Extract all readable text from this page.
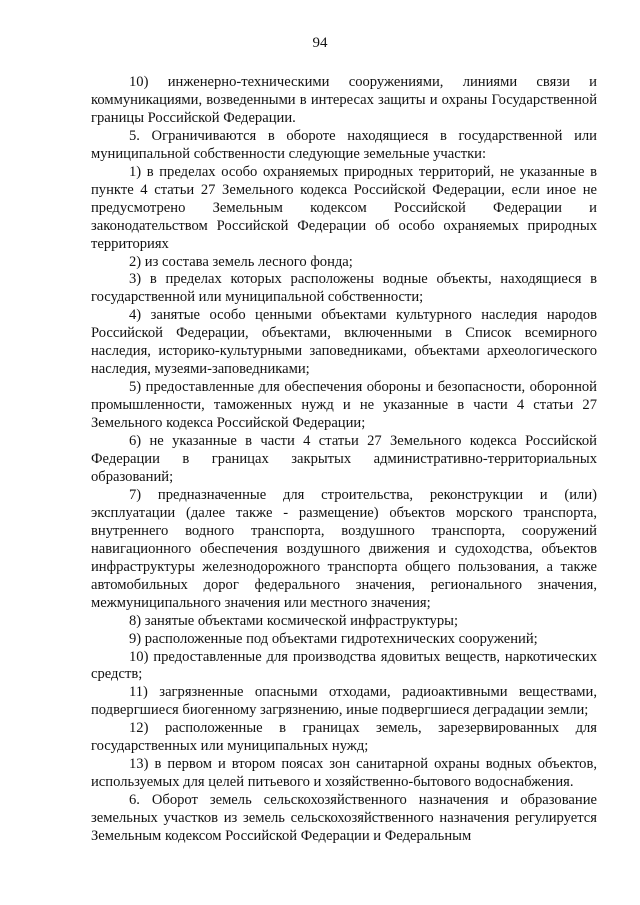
94

10) инженерно-техническими сооружениями, линиями связи и коммуникациями, возведенными в интересах защиты и охраны Государственной границы Российской Федерации.

5. Ограничиваются в обороте находящиеся в государственной или муниципальной собственности следующие земельные участки:

1) в пределах особо охраняемых природных территорий, не указанные в пункте 4 статьи 27 Земельного кодекса Российской Федерации, если иное не предусмотрено Земельным кодексом Российской Федерации и законодательством Российской Федерации об особо охраняемых природных территориях

2) из состава земель лесного фонда;

3) в пределах которых расположены водные объекты, находящиеся в государственной или муниципальной собственности;

4) занятые особо ценными объектами культурного наследия народов Российской Федерации, объектами, включенными в Список всемирного наследия, историко-культурными заповедниками, объектами археологического наследия, музеями-заповедниками;

5) предоставленные для обеспечения обороны и безопасности, оборонной промышленности, таможенных нужд и не указанные в части 4 статьи 27 Земельного кодекса Российской Федерации;

6) не указанные в части 4 статьи 27 Земельного кодекса Российской Федерации в границах закрытых административно-территориальных образований;

7) предназначенные для строительства, реконструкции и (или) эксплуатации (далее также - размещение) объектов морского транспорта, внутреннего водного транспорта, воздушного транспорта, сооружений навигационного обеспечения воздушного движения и судоходства, объектов инфраструктуры железнодорожного транспорта общего пользования, а также автомобильных дорог федерального значения, регионального значения, межмуниципального значения или местного значения;

8) занятые объектами космической инфраструктуры;

9) расположенные под объектами гидротехнических сооружений;

10) предоставленные для производства ядовитых веществ, наркотических средств;

11) загрязненные опасными отходами, радиоактивными веществами, подвергшиеся биогенному загрязнению, иные подвергшиеся деградации земли;

12) расположенные в границах земель, зарезервированных для государственных или муниципальных нужд;

13) в первом и втором поясах зон санитарной охраны водных объектов, используемых для целей питьевого и хозяйственно-бытового водоснабжения.

6. Оборот земель сельскохозяйственного назначения и образование земельных участков из земель сельскохозяйственного назначения регулируется Земельным кодексом Российской Федерации и Федеральным
